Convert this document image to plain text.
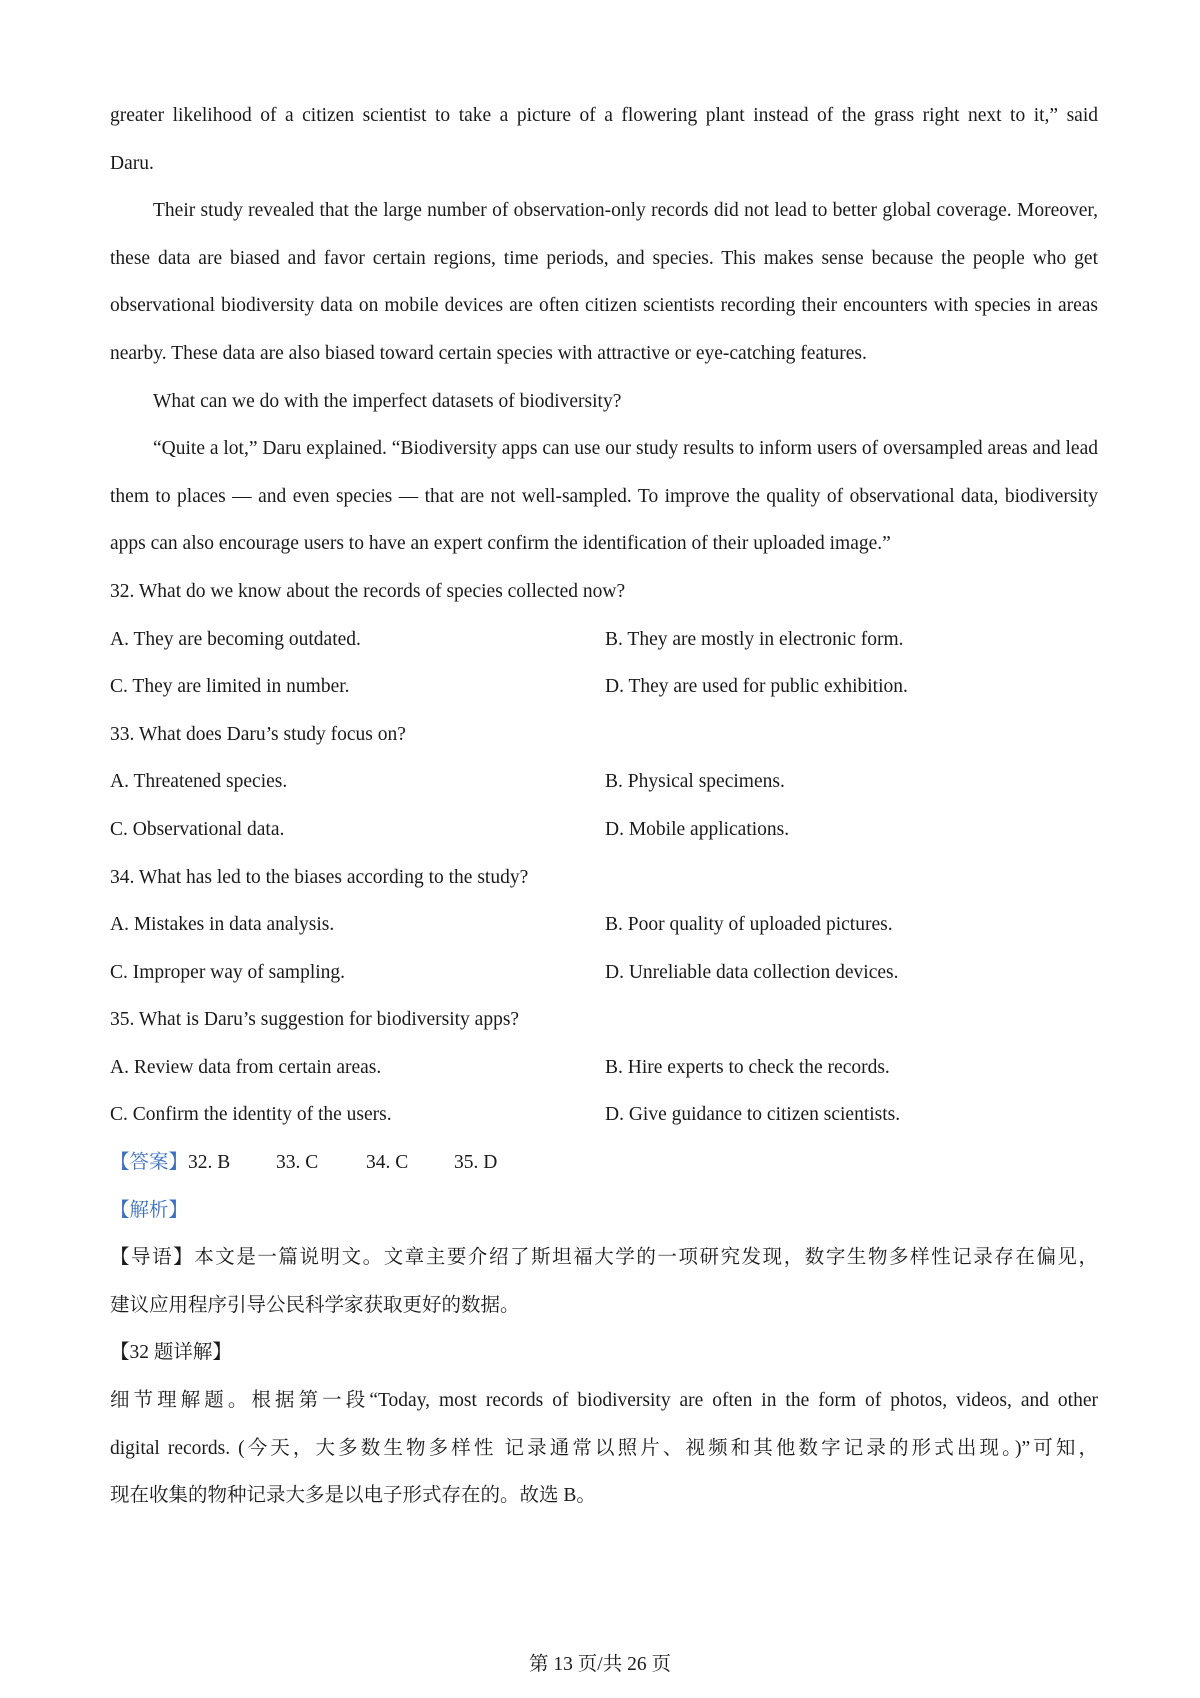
greater likelihood of a citizen scientist to take a picture of a flowering plant instead of the grass right next to it,” said

Daru.

Their study revealed that the large number of observation-only records did not lead to better global coverage. Moreover, these data are biased and favor certain regions, time periods, and species. This makes sense because the people who get observational biodiversity data on mobile devices are often citizen scientists recording their encounters with species in areas nearby. These data are also biased toward certain species with attractive or eye-catching features.

What can we do with the imperfect datasets of biodiversity?

“Quite a lot,” Daru explained. “Biodiversity apps can use our study results to inform users of oversampled areas and lead them to places — and even species — that are not well-sampled. To improve the quality of observational data, biodiversity apps can also encourage users to have an expert confirm the identification of their uploaded image.”

32. What do we know about the records of species collected now?

A. They are becoming outdated.	B. They are mostly in electronic form.
C. They are limited in number.	D. They are used for public exhibition.

33. What does Daru’s study focus on?

A. Threatened species.	B. Physical specimens.
C. Observational data.	D. Mobile applications.

34. What has led to the biases according to the study?

A. Mistakes in data analysis.	B. Poor quality of uploaded pictures.
C. Improper way of sampling.	D. Unreliable data collection devices.

35. What is Daru’s suggestion for biodiversity apps?

A. Review data from certain areas.	B. Hire experts to check the records.
C. Confirm the identity of the users.	D. Give guidance to citizen scientists.

【答案】32. B 33. C 34. C 35. D

【解析】

【导语】本文是一篇说明文。文章主要介绍了斯坦福大学的一项研究发现，数字生物多样性记录存在偏见，

建议应用程序引导公民科学家获取更好的数据。

【32 题详解】

细节理解题。根据第一段“Today, most records of biodiversity are often in the form of photos, videos, and other

digital records. (今天，大多数生物多样性 记录通常以照片、视频和其他数字记录的形式出现。)”可知，

现在收集的物种记录大多是以电子形式存在的。故选 B。

第 13 页/共 26 页
